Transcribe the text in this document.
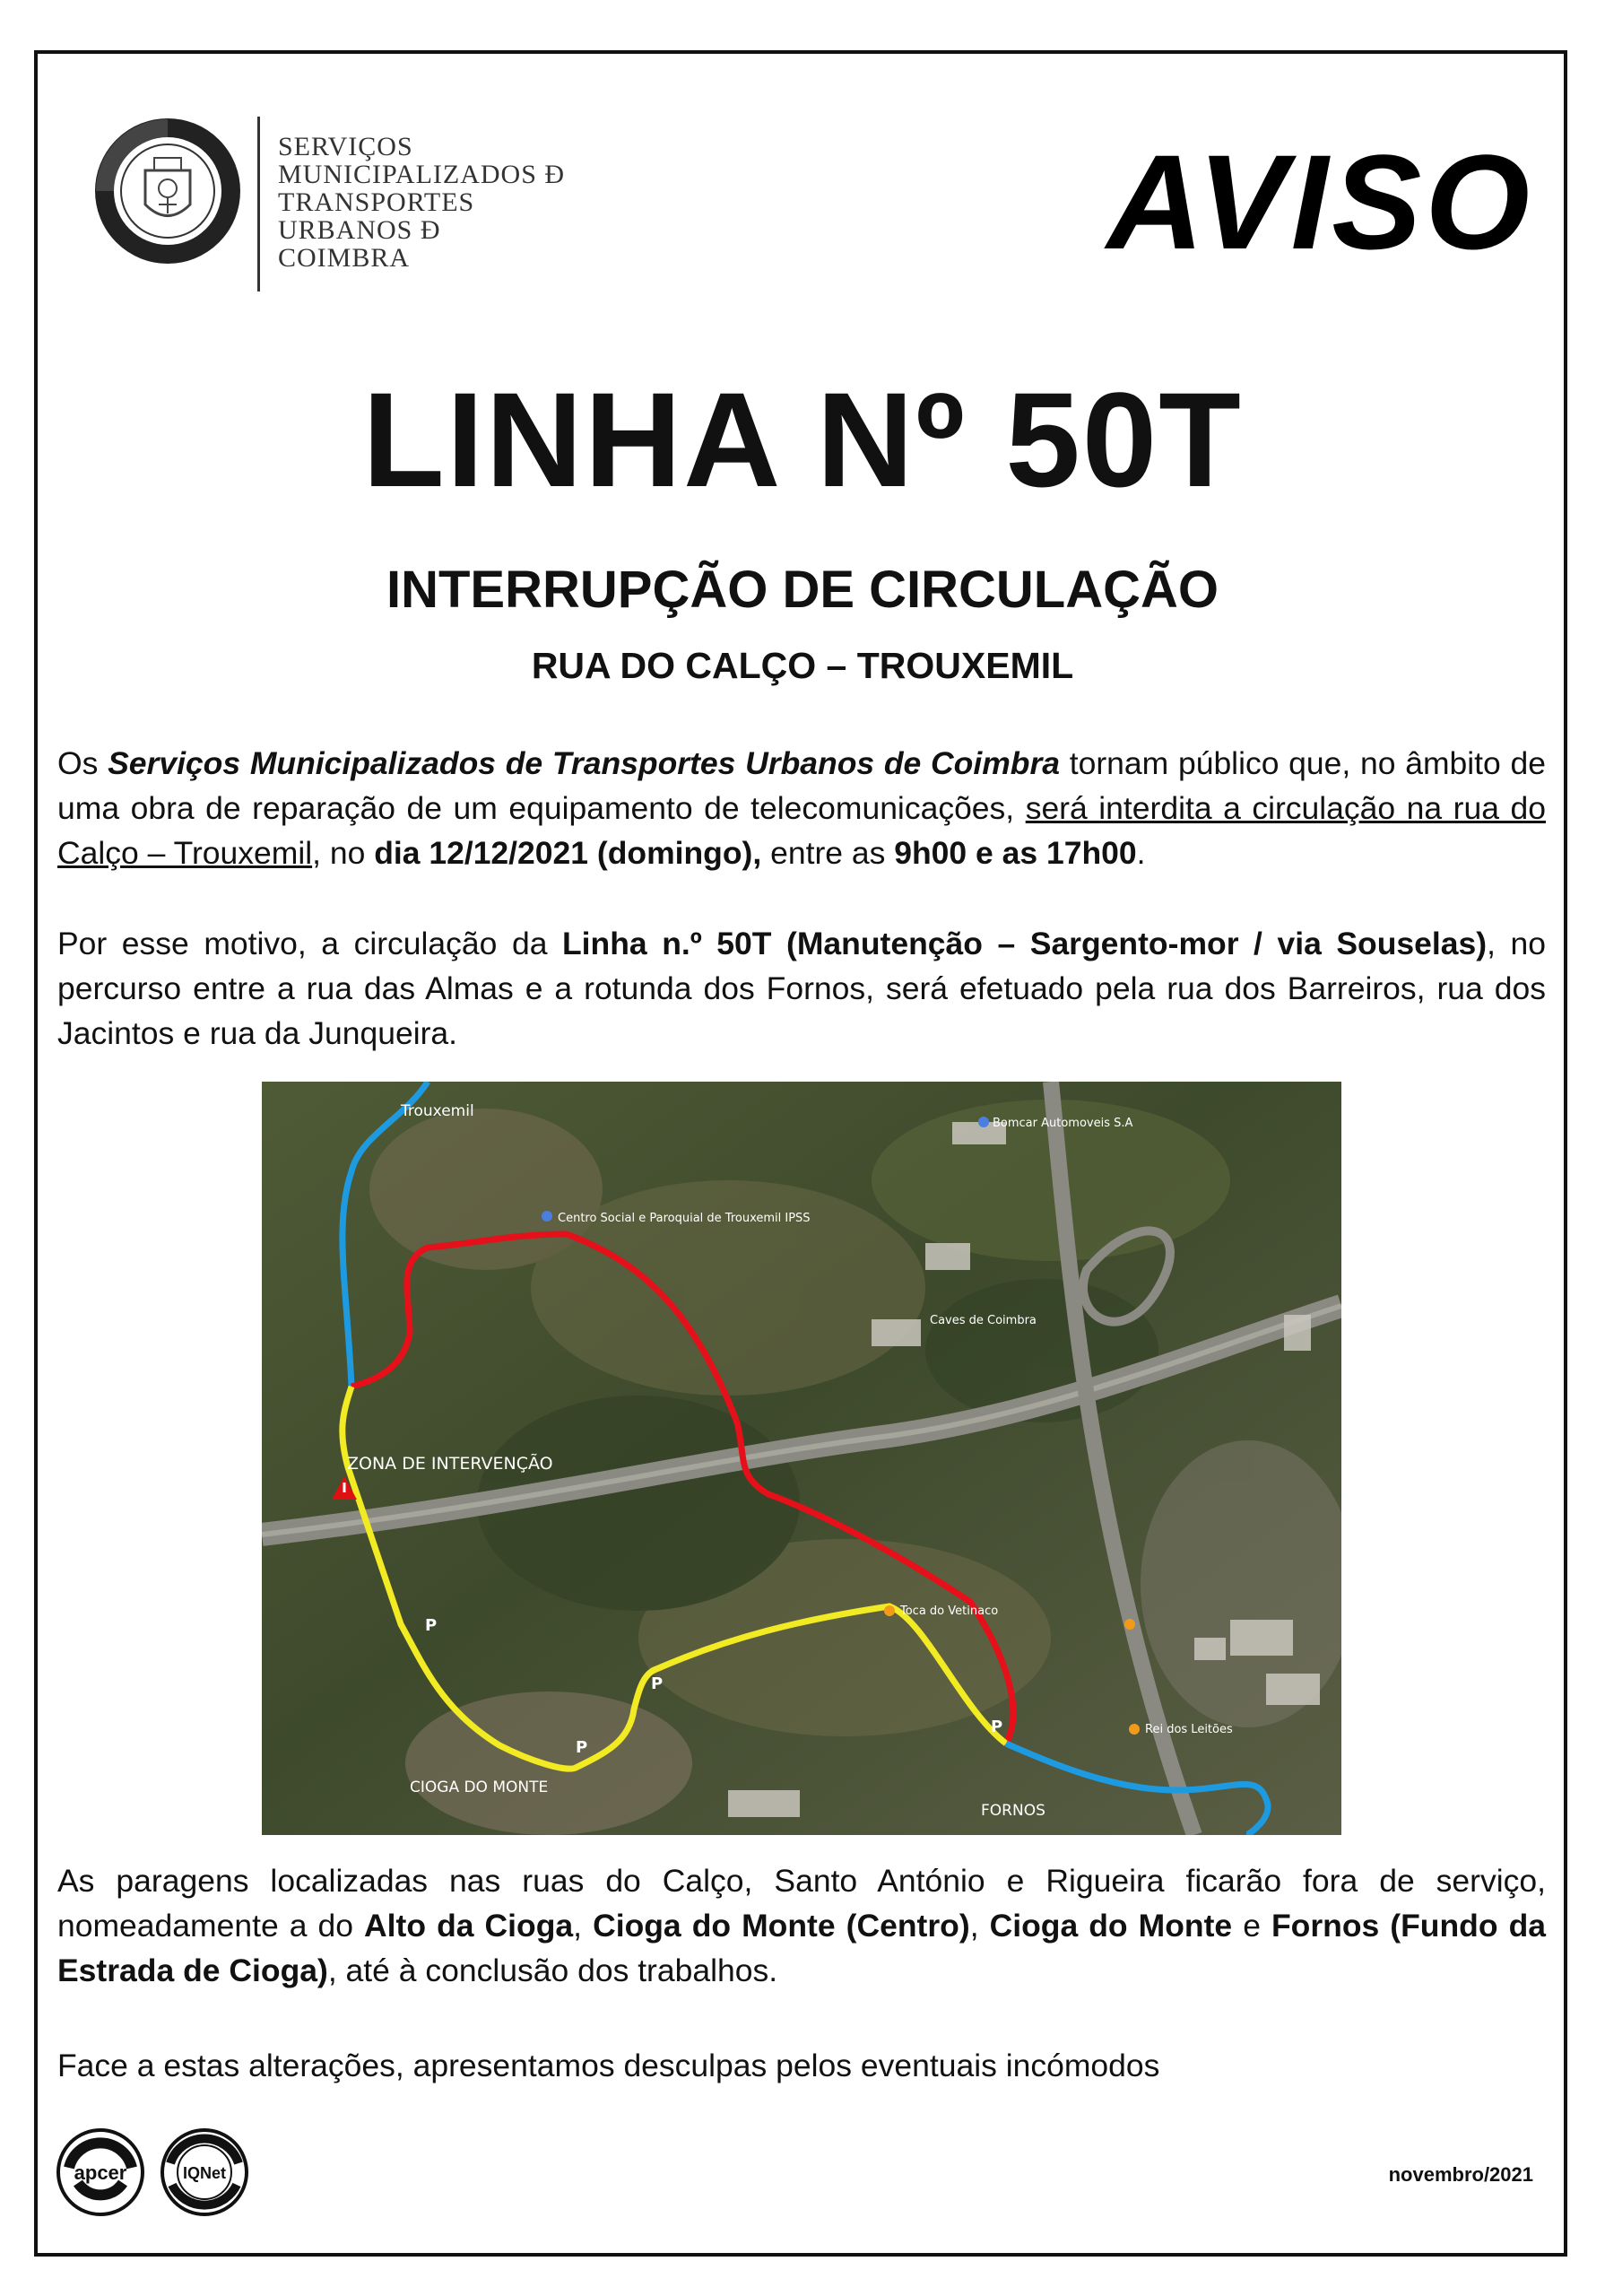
SERVIÇOS
MUNICIPALIZADOS Đ
TRANSPORTES
URBANOS Đ
COIMBRA	AVISO
LINHA Nº 50T
INTERRUPÇÃO DE CIRCULAÇÃO
RUA DO CALÇO – TROUXEMIL
Os Serviços Municipalizados de Transportes Urbanos de Coimbra tornam público que, no âmbito de uma obra de reparação de um equipamento de telecomunicações, será interdita a circulação na rua do Calço – Trouxemil, no dia 12/12/2021 (domingo), entre as 9h00 e as 17h00.
Por esse motivo, a circulação da Linha n.º 50T (Manutenção – Sargento-mor / via Souselas), no percurso entre a rua das Almas e a rotunda dos Fornos, será efetuado pela rua dos Barreiros, rua dos Jacintos e rua da Junqueira.
P
P
P
P
Trouxemil
ZONA DE INTERVENÇÃO
CIOGA DO MONTE
FORNOS
Centro Social e Paroquial de Trouxemil IPSS
Caves de Coimbra
Bomcar Automoveis S.A
Toca do Vetinaco
Rei dos Leitões
As paragens localizadas nas ruas do Calço, Santo António e Rigueira ficarão fora de serviço, nomeadamente a do Alto da Cioga, Cioga do Monte (Centro), Cioga do Monte e Fornos (Fundo da Estrada de Cioga), até à conclusão dos trabalhos.
Face a estas alterações, apresentamos desculpas pelos eventuais incómodos
apcer	IQNet	novembro/2021
